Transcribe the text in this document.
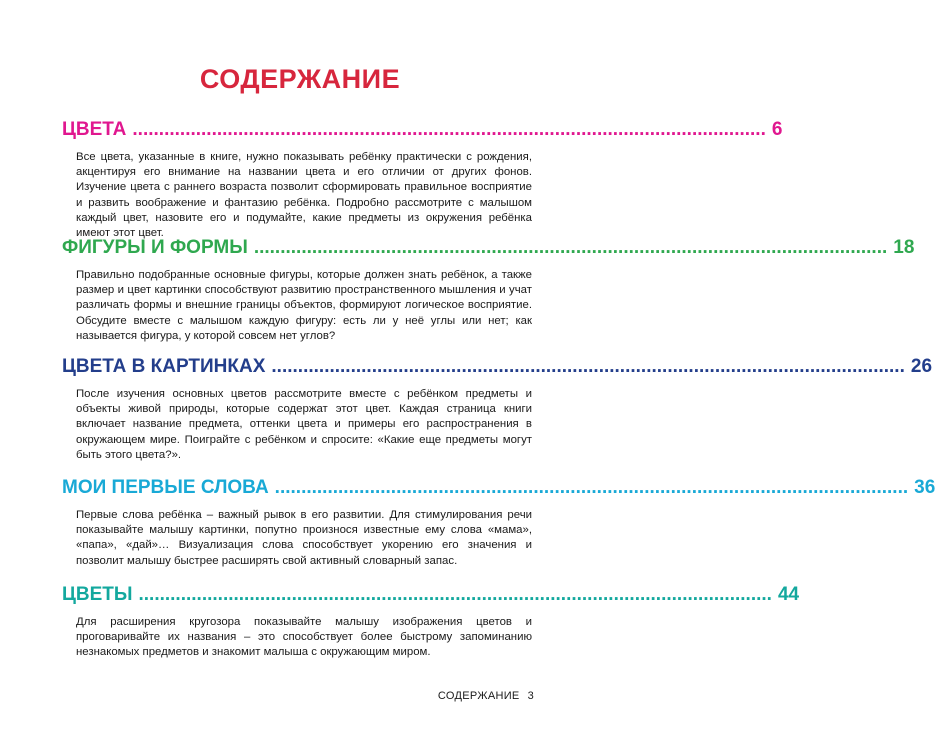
СОДЕРЖАНИЕ
ЦВЕТА ........................................................................................................................ 6
Все цвета, указанные в книге, нужно показывать ребёнку практически с рождения, акцентируя его внимание на названии цвета и его отличии от других фонов. Изучение цвета с раннего возраста позволит сформировать правильное восприятие и развить воображение и фантазию ребёнка. Подробно рассмотрите с малышом каждый цвет, назовите его и подумайте, какие предметы из окружения ребёнка имеют этот цвет.
ФИГУРЫ И ФОРМЫ ........................................................................................................................ 18
Правильно подобранные основные фигуры, которые должен знать ребёнок, а также размер и цвет картинки способствуют развитию пространственного мышления и учат различать формы и внешние границы объектов, формируют логическое восприятие. Обсудите вместе с малышом каждую фигуру: есть ли у неё углы или нет; как называется фигура, у которой совсем нет углов?
ЦВЕТА В КАРТИНКАХ ........................................................................................................................ 26
После изучения основных цветов рассмотрите вместе с ребёнком предметы и объекты живой природы, которые содержат этот цвет. Каждая страница книги включает название предмета, оттенки цвета и примеры его распространения в окружающем мире. Поиграйте с ребёнком и спросите: «Какие еще предметы могут быть этого цвета?».
МОИ ПЕРВЫЕ СЛОВА ........................................................................................................................ 36
Первые слова ребёнка – важный рывок в его развитии. Для стимулирования речи показывайте малышу картинки, попутно произнося известные ему слова «мама», «папа», «дай»… Визуализация слова способствует укорению его значения и позволит малышу быстрее расширять свой активный словарный запас.
ЦВЕТЫ ........................................................................................................................ 44
Для расширения кругозора показывайте малышу изображения цветов и проговаривайте их названия – это способствует более быстрому запоминанию незнакомых предметов и знакомит малыша с окружающим миром.
СОДЕРЖАНИЕ 3
